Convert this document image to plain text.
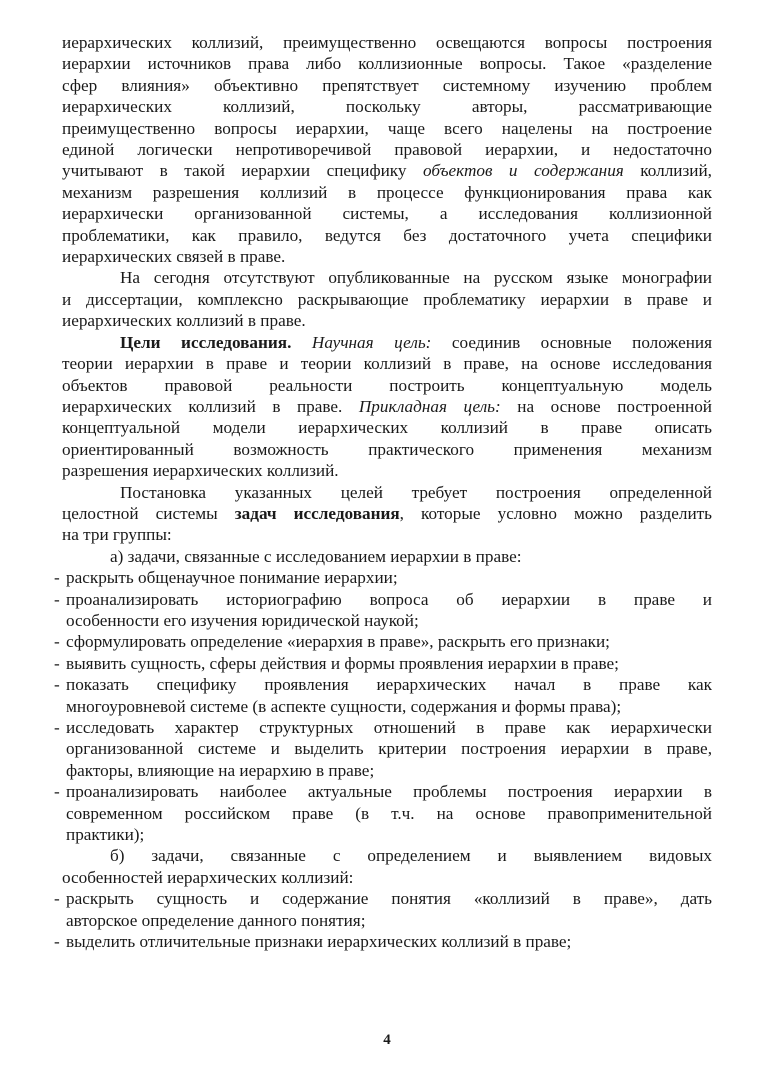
иерархических коллизий, преимущественно освещаются вопросы построения

иерархии источников права либо коллизионные вопросы. Такое «разделение

сфер влияния» объективно препятствует системному изучению проблем

иерархических коллизий, поскольку авторы, рассматривающие

преимущественно вопросы иерархии, чаще всего нацелены на построение

единой логически непротиворечивой правовой иерархии, и недостаточно

учитывают в такой иерархии специфику объектов и содержания коллизий,

механизм разрешения коллизий в процессе функционирования права как

иерархически организованной системы, а исследования коллизионной

проблематики, как правило, ведутся без достаточного учета специфики

иерархических связей в праве.

На сегодня отсутствуют опубликованные на русском языке монографии

и диссертации, комплексно раскрывающие проблематику иерархии в праве и

иерархических коллизий в праве.

Цели исследования. Научная цель: соединив основные положения

теории иерархии в праве и теории коллизий в праве, на основе исследования

объектов правовой реальности построить концептуальную модель

иерархических коллизий в праве. Прикладная цель: на основе построенной

концептуальной модели иерархических коллизий в праве описать

ориентированный возможность практического применения механизм

разрешения иерархических коллизий.

Постановка указанных целей требует построения определенной

целостной системы задач исследования, которые условно можно разделить

на три группы:

а) задачи, связанные с исследованием иерархии в праве:

- раскрыть общенаучное понимание иерархии;

- проанализировать историографию вопроса об иерархии в праве и

особенности его изучения юридической наукой;

- сформулировать определение «иерархия в праве», раскрыть его признаки;

- выявить сущность, сферы действия и формы проявления иерархии в праве;

- показать специфику проявления иерархических начал в праве как

многоуровневой системе (в аспекте сущности, содержания и формы права);

- исследовать характер структурных отношений в праве как иерархически

организованной системе и выделить критерии построения иерархии в праве,

факторы, влияющие на иерархию в праве;

- проанализировать наиболее актуальные проблемы построения иерархии в

современном российском праве (в т.ч. на основе правоприменительной

практики);

б) задачи, связанные с определением и выявлением видовых

особенностей иерархических коллизий:

- раскрыть сущность и содержание понятия «коллизий в праве», дать

авторское определение данного понятия;

- выделить отличительные признаки иерархических коллизий в праве;

4
